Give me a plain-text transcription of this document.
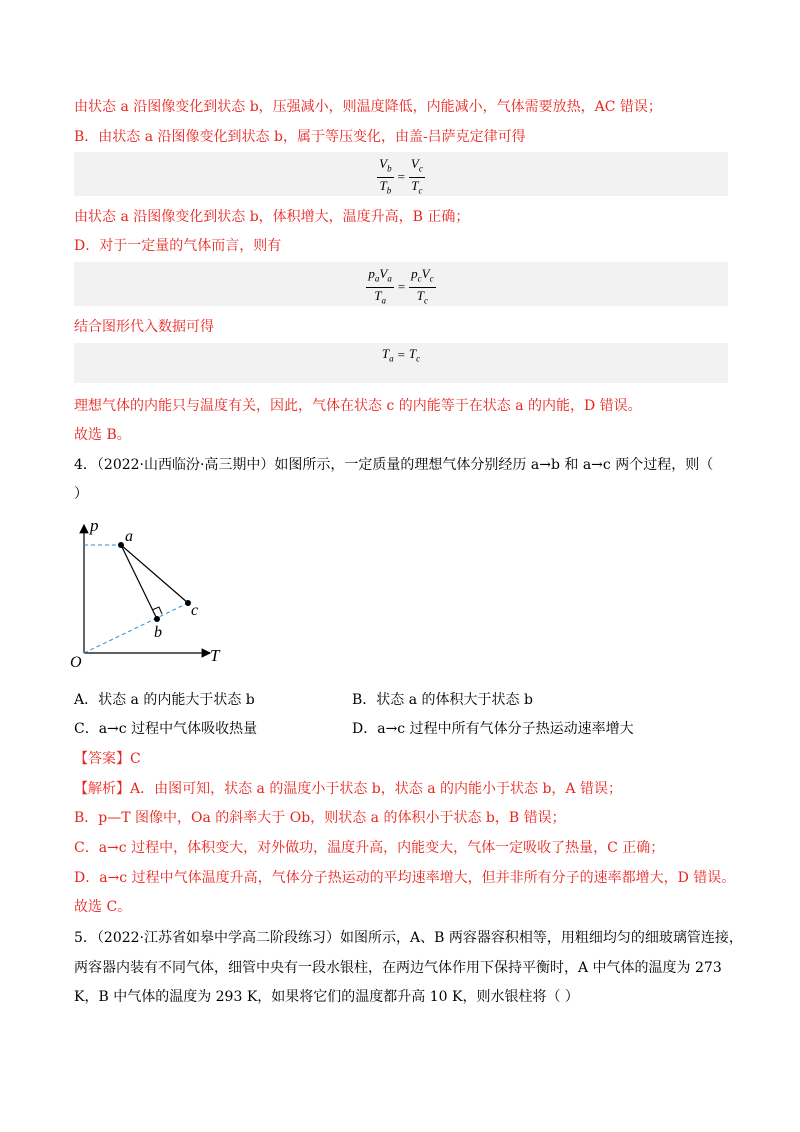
由状态 a 沿图像变化到状态 b，压强减小，则温度降低，内能减小，气体需要放热，AC 错误；
B．由状态 a 沿图像变化到状态 b，属于等压变化，由盖-吕萨克定律可得
$\frac{V_b}{T_b} = \frac{V_c}{T_c}$
由状态 a 沿图像变化到状态 b，体积增大，温度升高，B 正确；
D．对于一定量的气体而言，则有
$\frac{p_aV_a}{T_a} = \frac{p_cV_c}{T_c}$
结合图形代入数据可得
$T_a = T_c$
理想气体的内能只与温度有关，因此，气体在状态 c 的内能等于在状态 a 的内能，D 错误。
故选 B。
4．（2022·山西临汾·高三期中）如图所示，一定质量的理想气体分别经历 a→b 和 a→c 两个过程，则（
）
p
T
O
a
b
c
A．状态 a 的内能大于状态 b	B．状态 a 的体积大于状态 b
C．a→c 过程中气体吸收热量	D．a→c 过程中所有气体分子热运动速率增大
【答案】C
【解析】A．由图可知，状态 a 的温度小于状态 b，状态 a 的内能小于状态 b，A 错误；
B．p—T 图像中，Oa 的斜率大于 Ob，则状态 a 的体积小于状态 b，B 错误；
C．a→c 过程中，体积变大，对外做功，温度升高，内能变大，气体一定吸收了热量，C 正确；
D．a→c 过程中气体温度升高，气体分子热运动的平均速率增大，但并非所有分子的速率都增大，D 错误。
故选 C。
5．（2022·江苏省如皋中学高二阶段练习）如图所示，A、B 两容器容积相等，用粗细均匀的细玻璃管连接，
两容器内装有不同气体，细管中央有一段水银柱，在两边气体作用下保持平衡时，A 中气体的温度为 273
K，B 中气体的温度为 293 K，如果将它们的温度都升高 10 K，则水银柱将（ ）
